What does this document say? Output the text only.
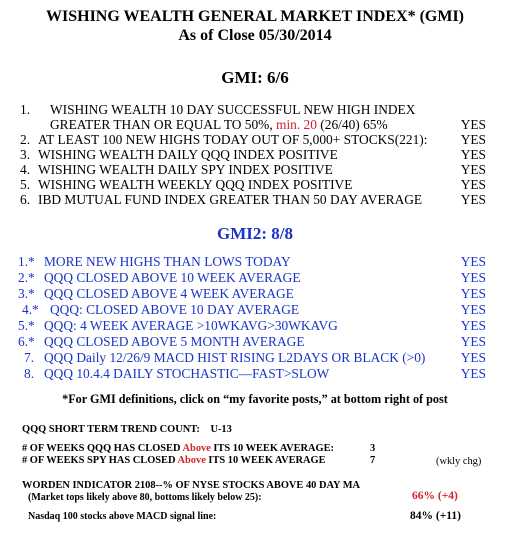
WISHING WEALTH GENERAL MARKET INDEX* (GMI)
As of Close 05/30/2014
GMI: 6/6
1. WISHING WEALTH 10 DAY SUCCESSFUL NEW HIGH INDEX
GREATER THAN OR EQUAL TO 50%, min. 20 (26/40) 65%	YES
2. AT LEAST 100 NEW HIGHS TODAY OUT OF 5,000+ STOCKS(221): YES
3. WISHING WEALTH DAILY QQQ INDEX POSITIVE	YES
4. WISHING WEALTH DAILY SPY INDEX POSITIVE	YES
5. WISHING WEALTH WEEKLY QQQ INDEX POSITIVE	YES
6. IBD MUTUAL FUND INDEX GREATER THAN 50 DAY AVERAGE	YES
GMI2: 8/8
1.* MORE NEW HIGHS THAN LOWS TODAY	YES
2.* QQQ CLOSED ABOVE 10 WEEK AVERAGE	YES
3.* QQQ CLOSED ABOVE 4 WEEK AVERAGE	YES
4.* QQQ: CLOSED ABOVE 10 DAY AVERAGE	YES
5.* QQQ: 4 WEEK AVERAGE >10WKAVG>30WKAVG	YES
6.* QQQ CLOSED ABOVE 5 MONTH AVERAGE	YES
7. QQQ Daily 12/26/9 MACD HIST RISING L2DAYS OR BLACK (>0)	YES
8. QQQ 10.4.4 DAILY STOCHASTIC—FAST>SLOW	YES
*For GMI definitions, click on “my favorite posts,” at bottom right of post
QQQ SHORT TERM TREND COUNT: U-13
# OF WEEKS QQQ HAS CLOSED Above ITS 10 WEEK AVERAGE:	3
# OF WEEKS SPY HAS CLOSED Above ITS 10 WEEK AVERAGE	7	(wkly chg)
WORDEN INDICATOR 2108--% OF NYSE STOCKS ABOVE 40 DAY MA
(Market tops likely above 80, bottoms likely below 25):	66% (+4)
Nasdaq 100 stocks above MACD signal line:	84% (+11)
